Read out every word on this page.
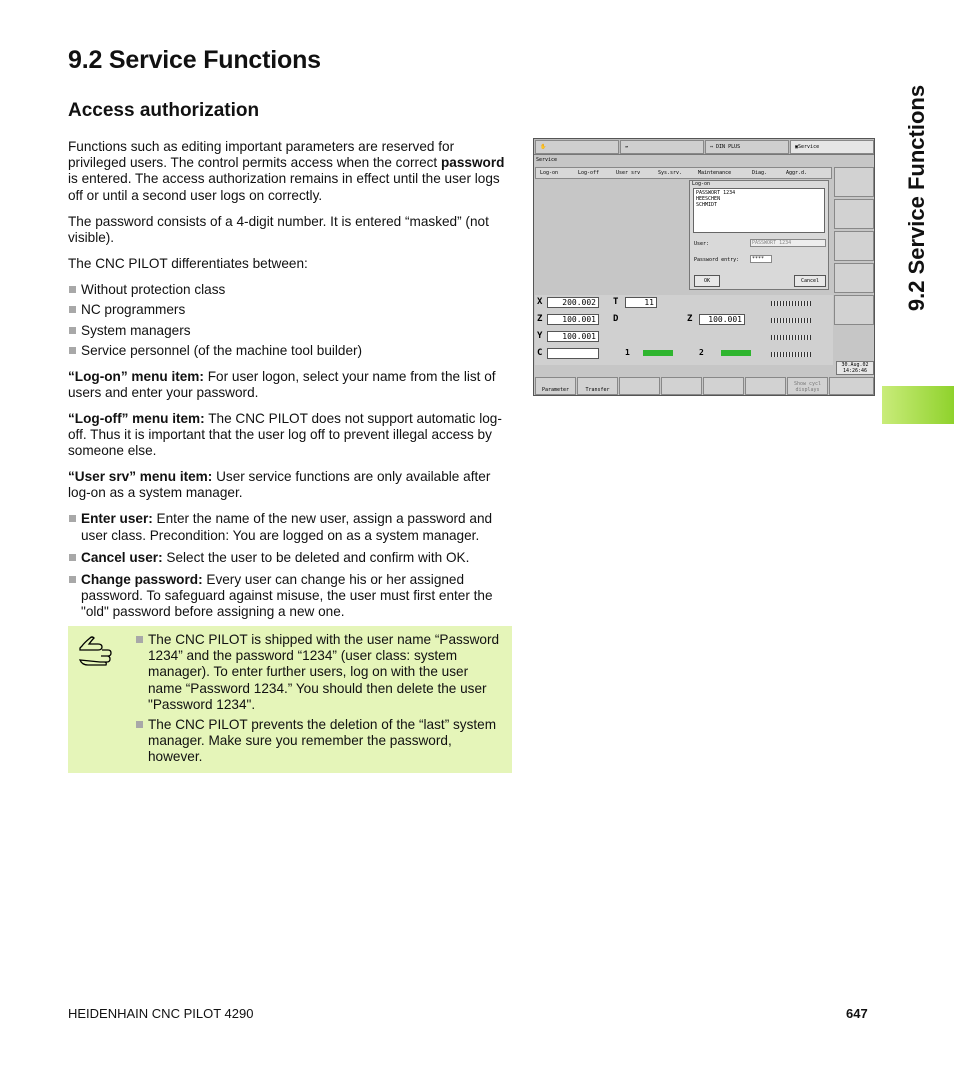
9.2 Service Functions
Access authorization

Functions such as editing important parameters are reserved for privileged users. The control permits access when the correct password is entered. The access authorization remains in effect until the user logs off or until a second user logs on correctly.

The password consists of a 4-digit number. It is entered “masked” (not visible).

The CNC PILOT differentiates between:

Without protection class
NC programmers
System managers
Service personnel (of the machine tool builder)

“Log-on” menu item: For user logon, select your name from the list of users and enter your password.

“Log-off” menu item: The CNC PILOT does not support automatic log-off. Thus it is important that the user log off to prevent illegal access by someone else.

“User srv” menu item: User service functions are only available after log-on as a system manager.

Enter user: Enter the name of the new user, assign a password and user class. Precondition: You are logged on as a system manager.
Cancel user: Select the user to be deleted and confirm with OK.
Change password: Every user can change his or her assigned password. To safeguard against misuse, the user must first enter the "old" password before assigning a new one.
The CNC PILOT is shipped with the user name “Password 1234” and the password “1234” (user class: system manager). To enter further users, log on with the user name “Password 1234.” You should then delete the user "Password 1234".
The CNC PILOT prevents the deletion of the “last” system manager. Make sure you remember the password, however.
✋	⇛	⇔ DIN PLUS	▣Service
Service
Log-on	Log-off	User srv	Sys.srv.	Maintenance	Diag.	Aggr.d.
Log-on
PASSWORT 1234
HEESCHEN
SCHMIDT
User:	PASSWORT 1234
Password entry:	****
OK	Cancel
X	200.002
Z	100.001
Y	100.001
C
T	11
D	Z	100.001
1	2
30.Aug.02
14:26:46
Parameter	Transfer
Show cycl displays
9.2 Service Functions
HEIDENHAIN CNC PILOT 4290	647
